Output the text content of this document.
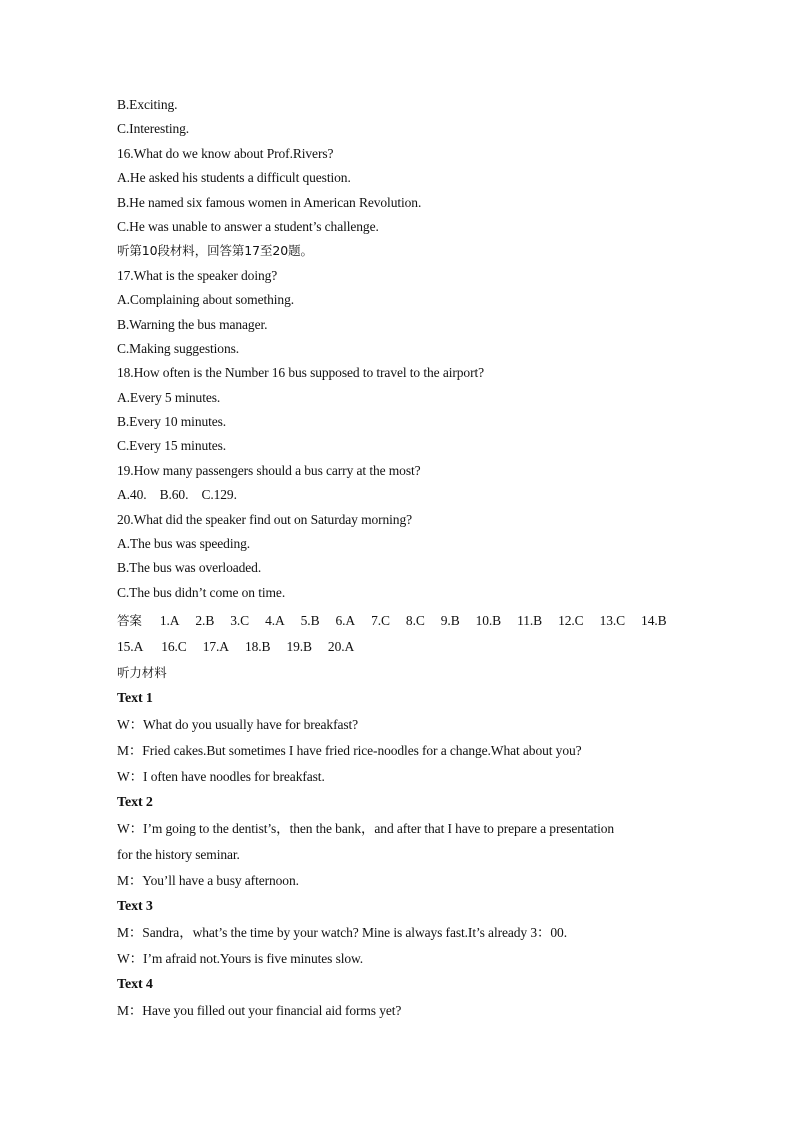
B.Exciting.
C.Interesting.
16.What do we know about Prof.Rivers?
A.He asked his students a difficult question.
B.He named six famous women in American Revolution.
C.He was unable to answer a student’s challenge.
听第10段材料，回答第17至20题。
17.What is the speaker doing?
A.Complaining about something.
B.Warning the bus manager.
C.Making suggestions.
18.How often is the Number 16 bus supposed to travel to the airport?
A.Every 5 minutes.
B.Every 10 minutes.
C.Every 15 minutes.
19.How many passengers should a bus carry at the most?
A.40.    B.60.    C.129.
20.What did the speaker find out on Saturday morning?
A.The bus was speeding.
B.The bus was overloaded.
C.The bus didn’t come on time.
答案 1.A 2.B 3.C 4.A 5.B 6.A 7.C 8.C 9.B 10.B 11.B 12.C 13.C 14.B
15.A 16.C 17.A 18.B 19.B 20.A
听力材料
Text 1
W：What do you usually have for breakfast?
M：Fried cakes.But sometimes I have fried rice-noodles for a change.What about you?
W：I often have noodles for breakfast.
Text 2
W：I’m going to the dentist’s，then the bank，and after that I have to prepare a presentation
for the history seminar.
M：You’ll have a busy afternoon.
Text 3
M：Sandra，what’s the time by your watch? Mine is always fast.It’s already 3：00.
W：I’m afraid not.Yours is five minutes slow.
Text 4
M：Have you filled out your financial aid forms yet?
